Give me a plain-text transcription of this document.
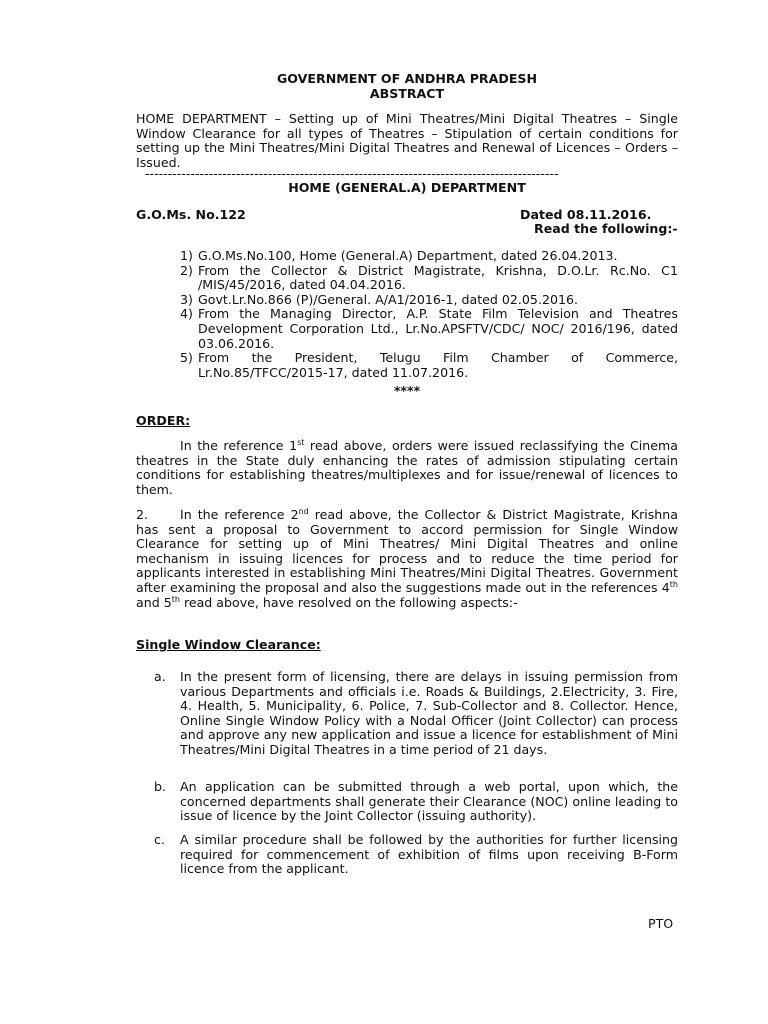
GOVERNMENT OF ANDHRA PRADESH
ABSTRACT
HOME DEPARTMENT – Setting up of Mini Theatres/Mini Digital Theatres – Single Window Clearance for all types of Theatres – Stipulation of certain conditions for setting up the Mini Theatres/Mini Digital Theatres and Renewal of Licences – Orders – Issued.
-------------------------------------------------------------------------------------------
HOME (GENERAL.A) DEPARTMENT
G.O.Ms. No.122	Dated 08.11.2016.
Read the following:-
1) G.O.Ms.No.100, Home (General.A) Department, dated 26.04.2013.
2) From the Collector & District Magistrate, Krishna, D.O.Lr. Rc.No. C1 /MIS/45/2016, dated 04.04.2016.
3) Govt.Lr.No.866 (P)/General. A/A1/2016-1, dated 02.05.2016.
4) From the Managing Director, A.P. State Film Television and Theatres Development Corporation Ltd., Lr.No.APSFTV/CDC/ NOC/ 2016/196, dated 03.06.2016.
5) From the President, Telugu Film Chamber of Commerce, Lr.No.85/TFCC/2015-17, dated 11.07.2016.
****
ORDER:
In the reference 1st read above, orders were issued reclassifying the Cinema theatres in the State duly enhancing the rates of admission stipulating certain conditions for establishing theatres/multiplexes and for issue/renewal of licences to them.
2.	In the reference 2nd read above, the Collector & District Magistrate, Krishna has sent a proposal to Government to accord permission for Single Window Clearance for setting up of Mini Theatres/ Mini Digital Theatres and online mechanism in issuing licences for process and to reduce the time period for applicants interested in establishing Mini Theatres/Mini Digital Theatres. Government after examining the proposal and also the suggestions made out in the references 4th and 5th read above, have resolved on the following aspects:-
Single Window Clearance:
a. In the present form of licensing, there are delays in issuing permission from various Departments and officials i.e. Roads & Buildings, 2.Electricity, 3. Fire, 4. Health, 5. Municipality, 6. Police, 7. Sub-Collector and 8. Collector. Hence, Online Single Window Policy with a Nodal Officer (Joint Collector) can process and approve any new application and issue a licence for establishment of Mini Theatres/Mini Digital Theatres in a time period of 21 days.
b. An application can be submitted through a web portal, upon which, the concerned departments shall generate their Clearance (NOC) online leading to issue of licence by the Joint Collector (issuing authority).
c. A similar procedure shall be followed by the authorities for further licensing required for commencement of exhibition of films upon receiving B-Form licence from the applicant.
PTO
